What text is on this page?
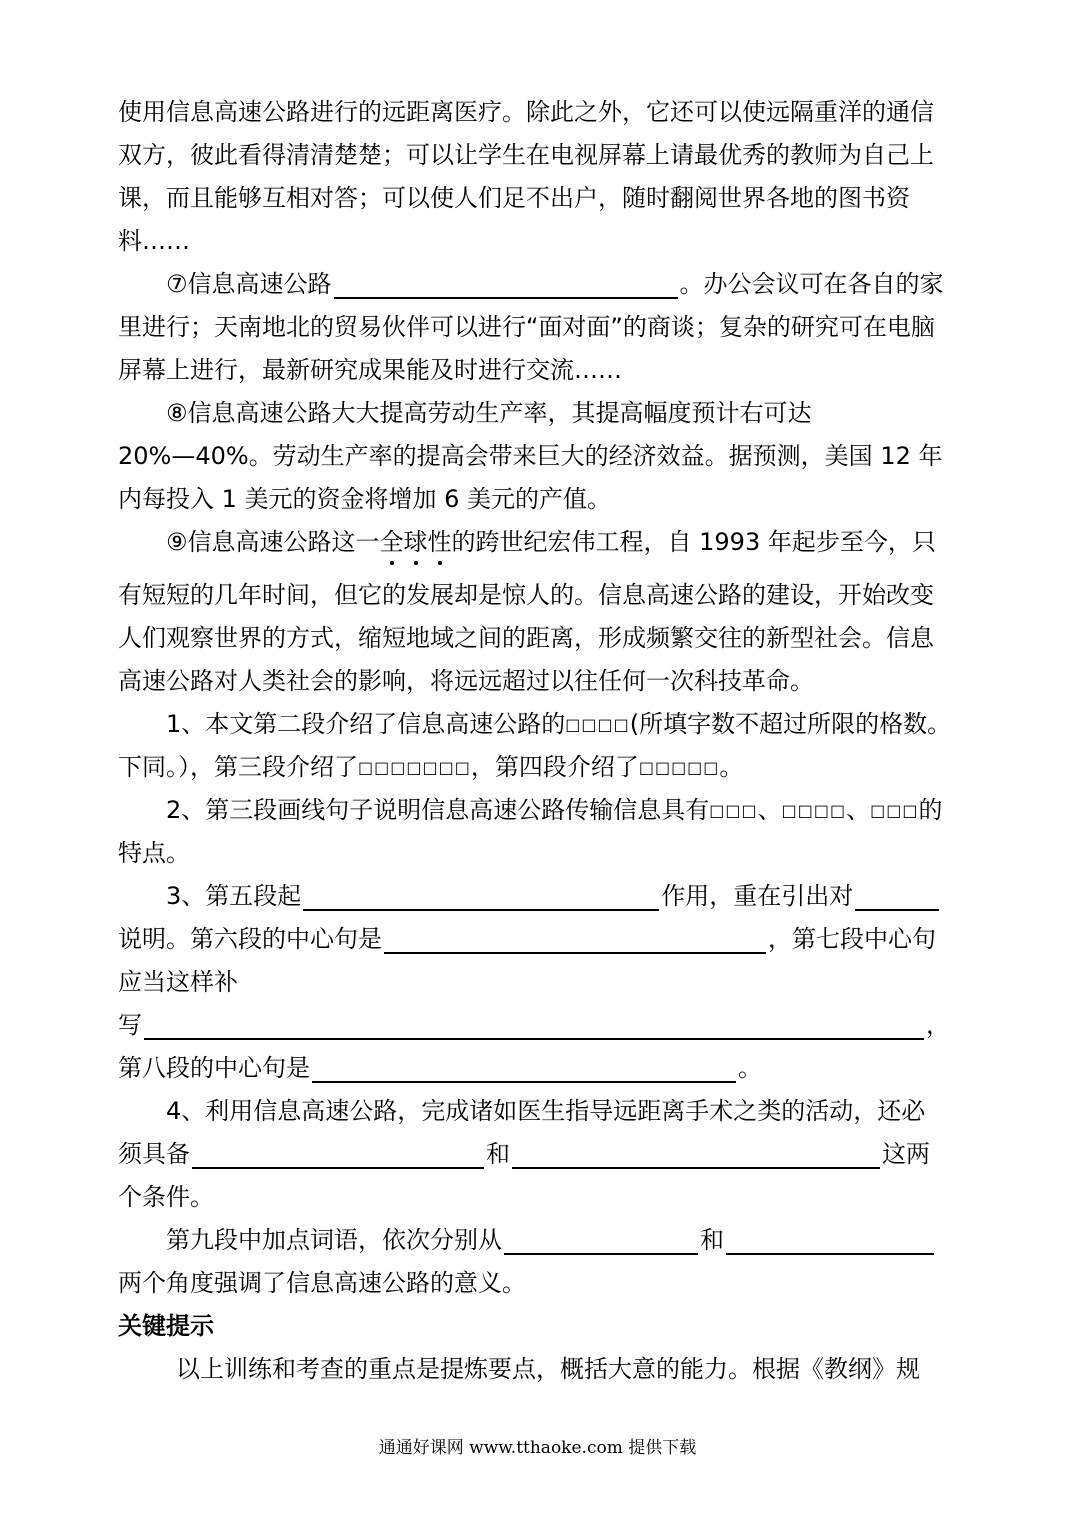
使用信息高速公路进行的远距离医疗。除此之外，它还可以使远隔重洋的通信
双方，彼此看得清清楚楚；可以让学生在电视屏幕上请最优秀的教师为自己上
课，而且能够互相对答；可以使人们足不出户，随时翻阅世界各地的图书资
料……
⑦信息高速公路	。办公会议可在各自的家
里进行；天南地北的贸易伙伴可以进行“面对面”的商谈；复杂的研究可在电脑
屏幕上进行，最新研究成果能及时进行交流……
⑧信息高速公路大大提高劳动生产率，其提高幅度预计右可达
20%—40%。劳动生产率的提高会带来巨大的经济效益。据预测，美国 12 年
内每投入 1 美元的资金将增加 6 美元的产值。
⑨信息高速公路这一全球性的跨世纪宏伟工程，自 1993 年起步至今，只
有短短的几年时间，但它的发展却是惊人的。信息高速公路的建设，开始改变
人们观察世界的方式，缩短地域之间的距离，形成频繁交往的新型社会。信息
高速公路对人类社会的影响，将远远超过以往任何一次科技革命。
1、本文第二段介绍了信息高速公路的□□□□(所填字数不超过所限的格数。
下同。），第三段介绍了□□□□□□□，第四段介绍了□□□□□。
2、第三段画线句子说明信息高速公路传输信息具有□□□、□□□□、□□□的
特点。
3、第五段起	作用，重在引出对
说明。第六段的中心句是	，第七段中心句
应当这样补
写	，
第八段的中心句是	。
4、利用信息高速公路，完成诸如医生指导远距离手术之类的活动，还必
须具备	和	这两
个条件。
第九段中加点词语，依次分别从	和
两个角度强调了信息高速公路的意义。
关键提示
以上训练和考查的重点是提炼要点，概括大意的能力。根据《教纲》规
通通好课网 www.tthaoke.com 提供下载
